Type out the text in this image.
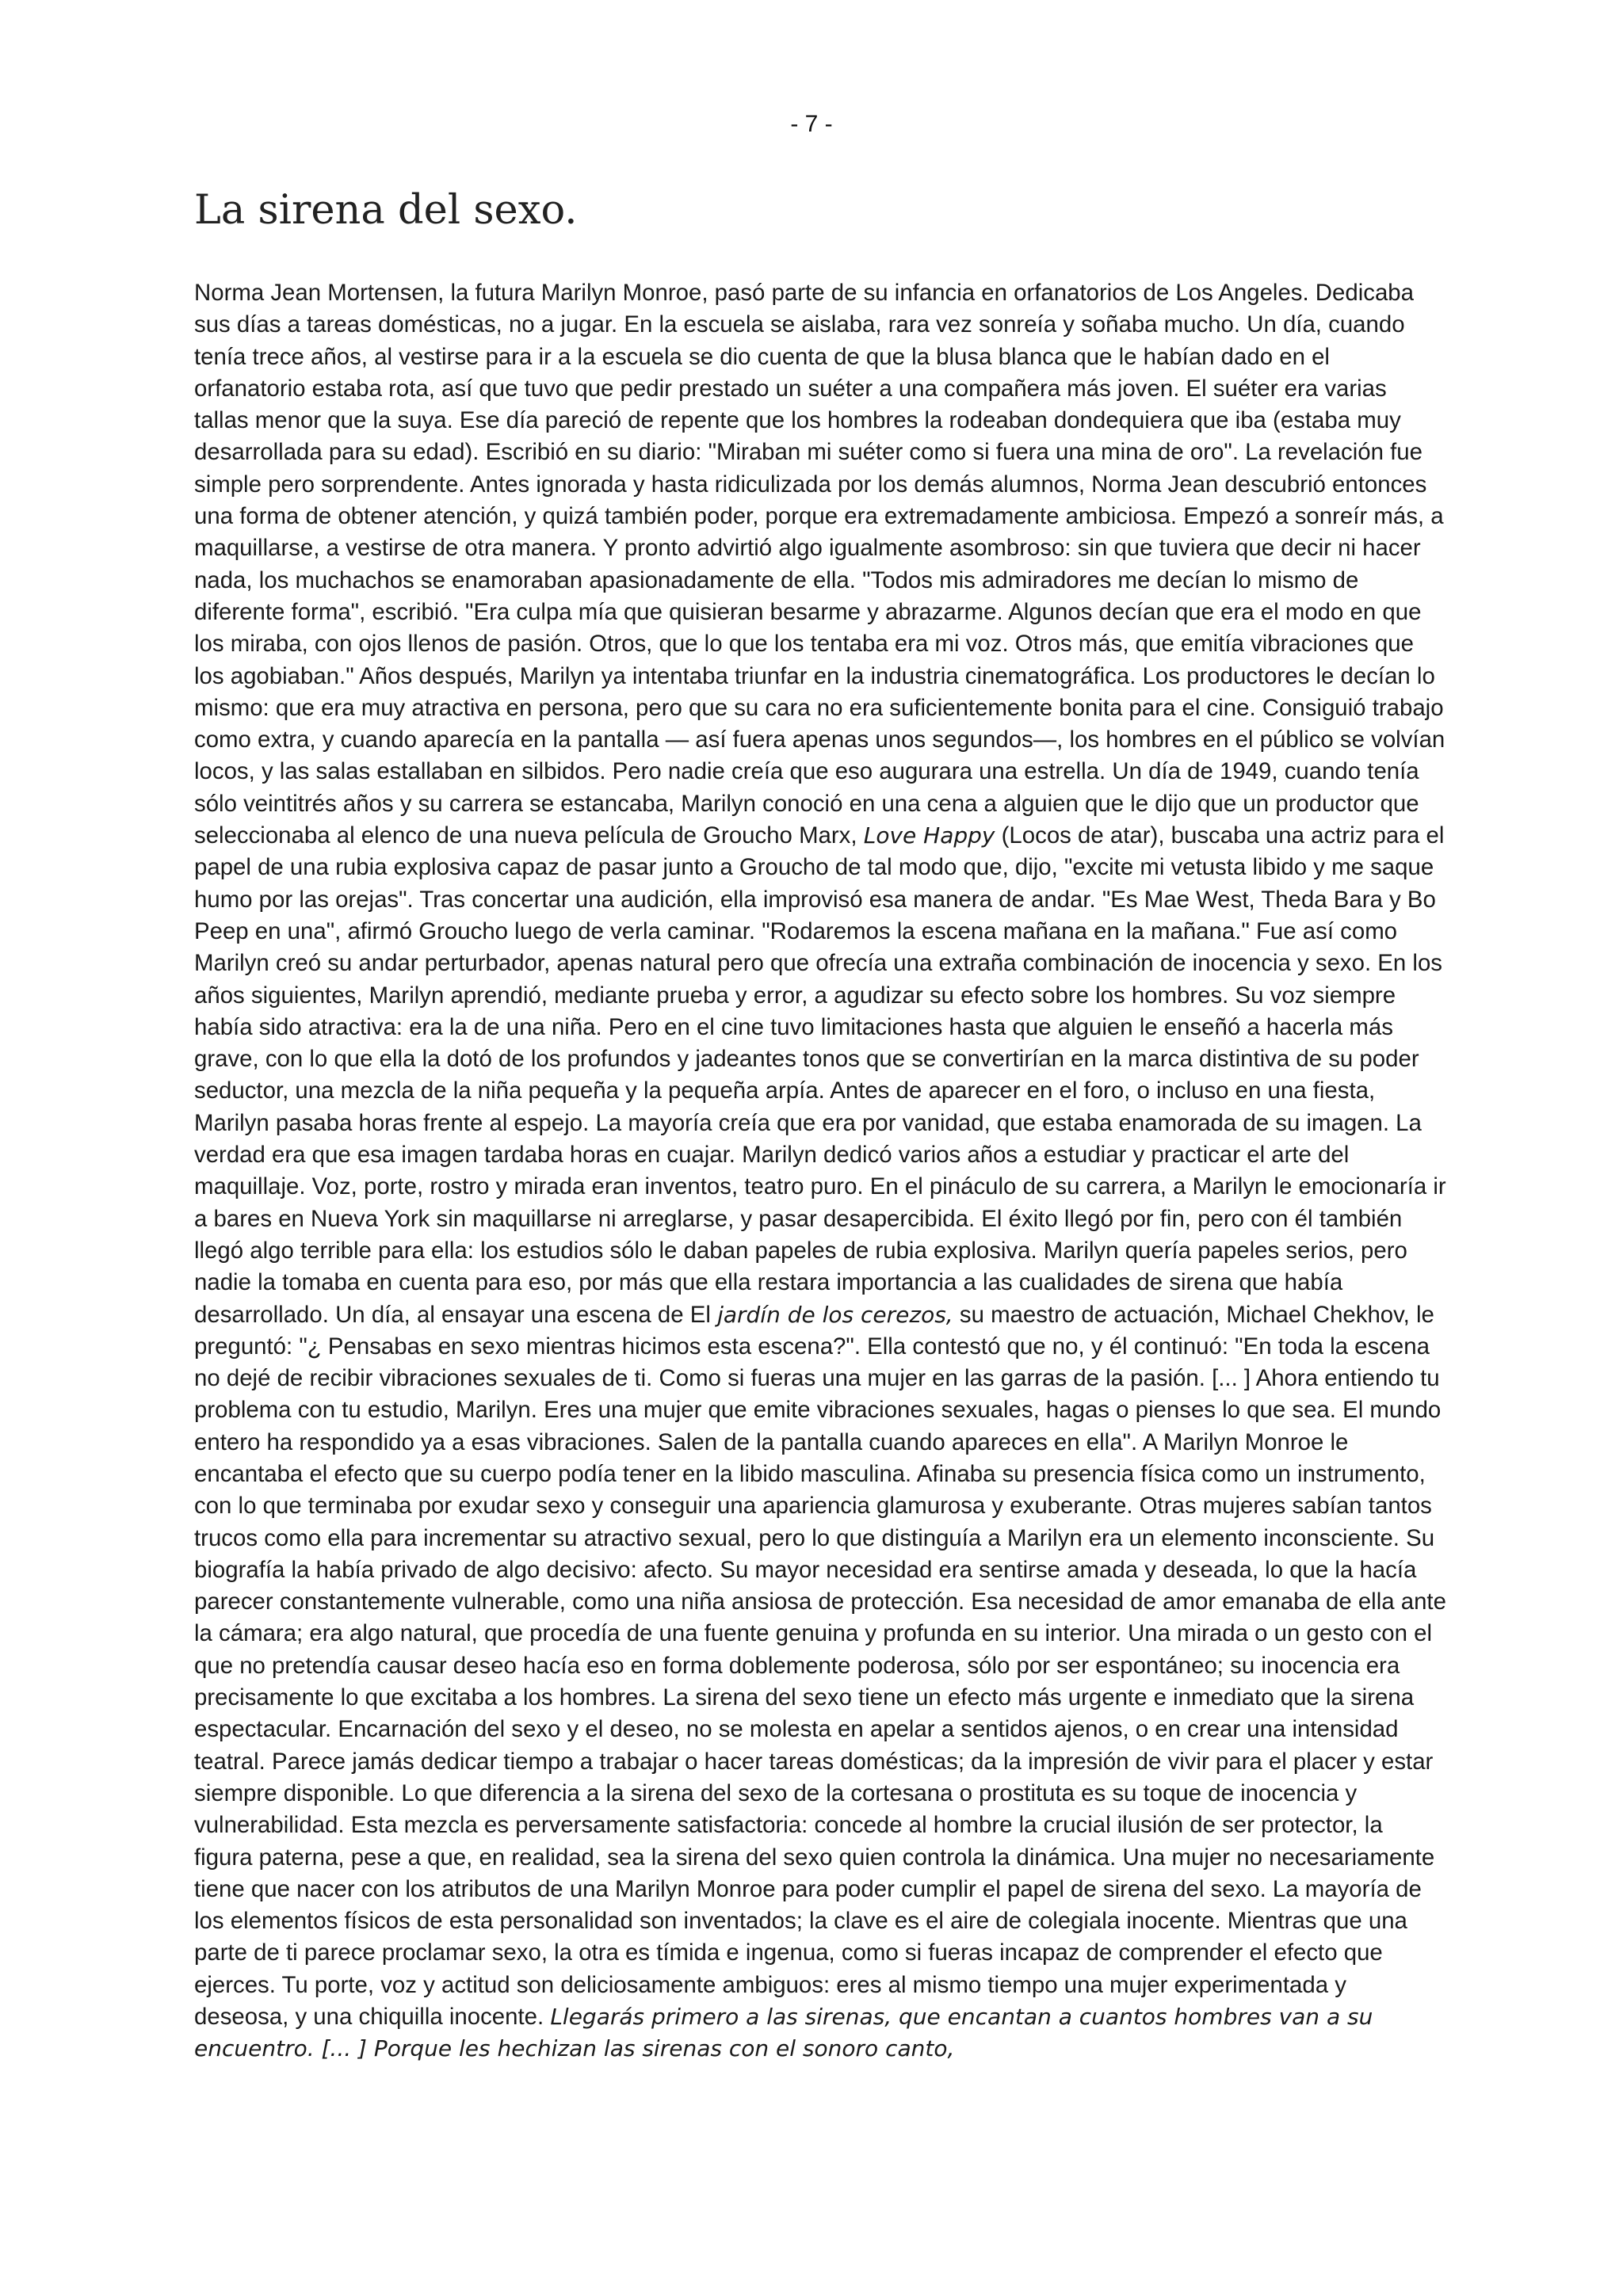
- 7 -
La sirena del sexo.

Norma Jean Mortensen, la futura Marilyn Monroe, pasó parte de su infancia en orfanatorios de Los Angeles. Dedicaba sus días a tareas domésticas, no a jugar. En la escuela se aislaba, rara vez sonreía y soñaba mucho. Un día, cuando tenía trece años, al vestirse para ir a la escuela se dio cuenta de que la blusa blanca que le habían dado en el orfanatorio estaba rota, así que tuvo que pedir prestado un suéter a una compañera más joven. El suéter era varias tallas menor que la suya. Ese día pareció de repente que los hombres la rodeaban dondequiera que iba (estaba muy desarrollada para su edad). Escribió en su diario: "Miraban mi suéter como si fuera una mina de oro". La revelación fue simple pero sorprendente. Antes ignorada y hasta ridiculizada por los demás alumnos, Norma Jean descubrió entonces una forma de obtener atención, y quizá también poder, porque era extremadamente ambiciosa. Empezó a sonreír más, a maquillarse, a vestirse de otra manera. Y pronto advirtió algo igualmente asombroso: sin que tuviera que decir ni hacer nada, los muchachos se enamoraban apasionadamente de ella. "Todos mis admiradores me decían lo mismo de diferente forma", escribió. "Era culpa mía que quisieran besarme y abrazarme. Algunos decían que era el modo en que los miraba, con ojos llenos de pasión. Otros, que lo que los tentaba era mi voz. Otros más, que emitía vibraciones que los agobiaban." Años después, Marilyn ya intentaba triunfar en la industria cinematográfica. Los productores le decían lo mismo: que era muy atractiva en persona, pero que su cara no era suficientemente bonita para el cine. Consiguió trabajo como extra, y cuando aparecía en la pantalla — así fuera apenas unos segundos—, los hombres en el público se volvían locos, y las salas estallaban en silbidos. Pero nadie creía que eso augurara una estrella. Un día de 1949, cuando tenía sólo veintitrés años y su carrera se estancaba, Marilyn conoció en una cena a alguien que le dijo que un productor que seleccionaba al elenco de una nueva película de Groucho Marx, Love Happy (Locos de atar), buscaba una actriz para el papel de una rubia explosiva capaz de pasar junto a Groucho de tal modo que, dijo, "excite mi vetusta libido y me saque humo por las orejas". Tras concertar una audición, ella improvisó esa manera de andar. "Es Mae West, Theda Bara y Bo Peep en una", afirmó Groucho luego de verla caminar. "Rodaremos la escena mañana en la mañana." Fue así como Marilyn creó su andar perturbador, apenas natural pero que ofrecía una extraña combinación de inocencia y sexo. En los años siguientes, Marilyn aprendió, mediante prueba y error, a agudizar su efecto sobre los hombres. Su voz siempre había sido atractiva: era la de una niña. Pero en el cine tuvo limitaciones hasta que alguien le enseñó a hacerla más grave, con lo que ella la dotó de los profundos y jadeantes tonos que se convertirían en la marca distintiva de su poder seductor, una mezcla de la niña pequeña y la pequeña arpía. Antes de aparecer en el foro, o incluso en una fiesta, Marilyn pasaba horas frente al espejo. La mayoría creía que era por vanidad, que estaba enamorada de su imagen. La verdad era que esa imagen tardaba horas en cuajar. Marilyn dedicó varios años a estudiar y practicar el arte del maquillaje. Voz, porte, rostro y mirada eran inventos, teatro puro. En el pináculo de su carrera, a Marilyn le emocionaría ir a bares en Nueva York sin maquillarse ni arreglarse, y pasar desapercibida. El éxito llegó por fin, pero con él también llegó algo terrible para ella: los estudios sólo le daban papeles de rubia explosiva. Marilyn quería papeles serios, pero nadie la tomaba en cuenta para eso, por más que ella restara importancia a las cualidades de sirena que había desarrollado. Un día, al ensayar una escena de El jardín de los cerezos, su maestro de actuación, Michael Chekhov, le preguntó: "¿ Pensabas en sexo mientras hicimos esta escena?". Ella contestó que no, y él continuó: "En toda la escena no dejé de recibir vibraciones sexuales de ti. Como si fueras una mujer en las garras de la pasión. [... ] Ahora entiendo tu problema con tu estudio, Marilyn. Eres una mujer que emite vibraciones sexuales, hagas o pienses lo que sea. El mundo entero ha respondido ya a esas vibraciones. Salen de la pantalla cuando apareces en ella". A Marilyn Monroe le encantaba el efecto que su cuerpo podía tener en la libido masculina. Afinaba su presencia física como un instrumento, con lo que terminaba por exudar sexo y conseguir una apariencia glamurosa y exuberante. Otras mujeres sabían tantos trucos como ella para incrementar su atractivo sexual, pero lo que distinguía a Marilyn era un elemento inconsciente. Su biografía la había privado de algo decisivo: afecto. Su mayor necesidad era sentirse amada y deseada, lo que la hacía parecer constantemente vulnerable, como una niña ansiosa de protección. Esa necesidad de amor emanaba de ella ante la cámara; era algo natural, que procedía de una fuente genuina y profunda en su interior. Una mirada o un gesto con el que no pretendía causar deseo hacía eso en forma doblemente poderosa, sólo por ser espontáneo; su inocencia era precisamente lo que excitaba a los hombres. La sirena del sexo tiene un efecto más urgente e inmediato que la sirena espectacular. Encarnación del sexo y el deseo, no se molesta en apelar a sentidos ajenos, o en crear una intensidad teatral. Parece jamás dedicar tiempo a trabajar o hacer tareas domésticas; da la impresión de vivir para el placer y estar siempre disponible. Lo que diferencia a la sirena del sexo de la cortesana o prostituta es su toque de inocencia y vulnerabilidad. Esta mezcla es perversamente satisfactoria: concede al hombre la crucial ilusión de ser protector, la figura paterna, pese a que, en realidad, sea la sirena del sexo quien controla la dinámica. Una mujer no necesariamente tiene que nacer con los atributos de una Marilyn Monroe para poder cumplir el papel de sirena del sexo. La mayoría de los elementos físicos de esta personalidad son inventados; la clave es el aire de colegiala inocente. Mientras que una parte de ti parece proclamar sexo, la otra es tímida e ingenua, como si fueras incapaz de comprender el efecto que ejerces. Tu porte, voz y actitud son deliciosamente ambiguos: eres al mismo tiempo una mujer experimentada y deseosa, y una chiquilla inocente. Llegarás primero a las sirenas, que encantan a cuantos hombres van a su encuentro. [... ] Porque les hechizan las sirenas con el sonoro canto,
